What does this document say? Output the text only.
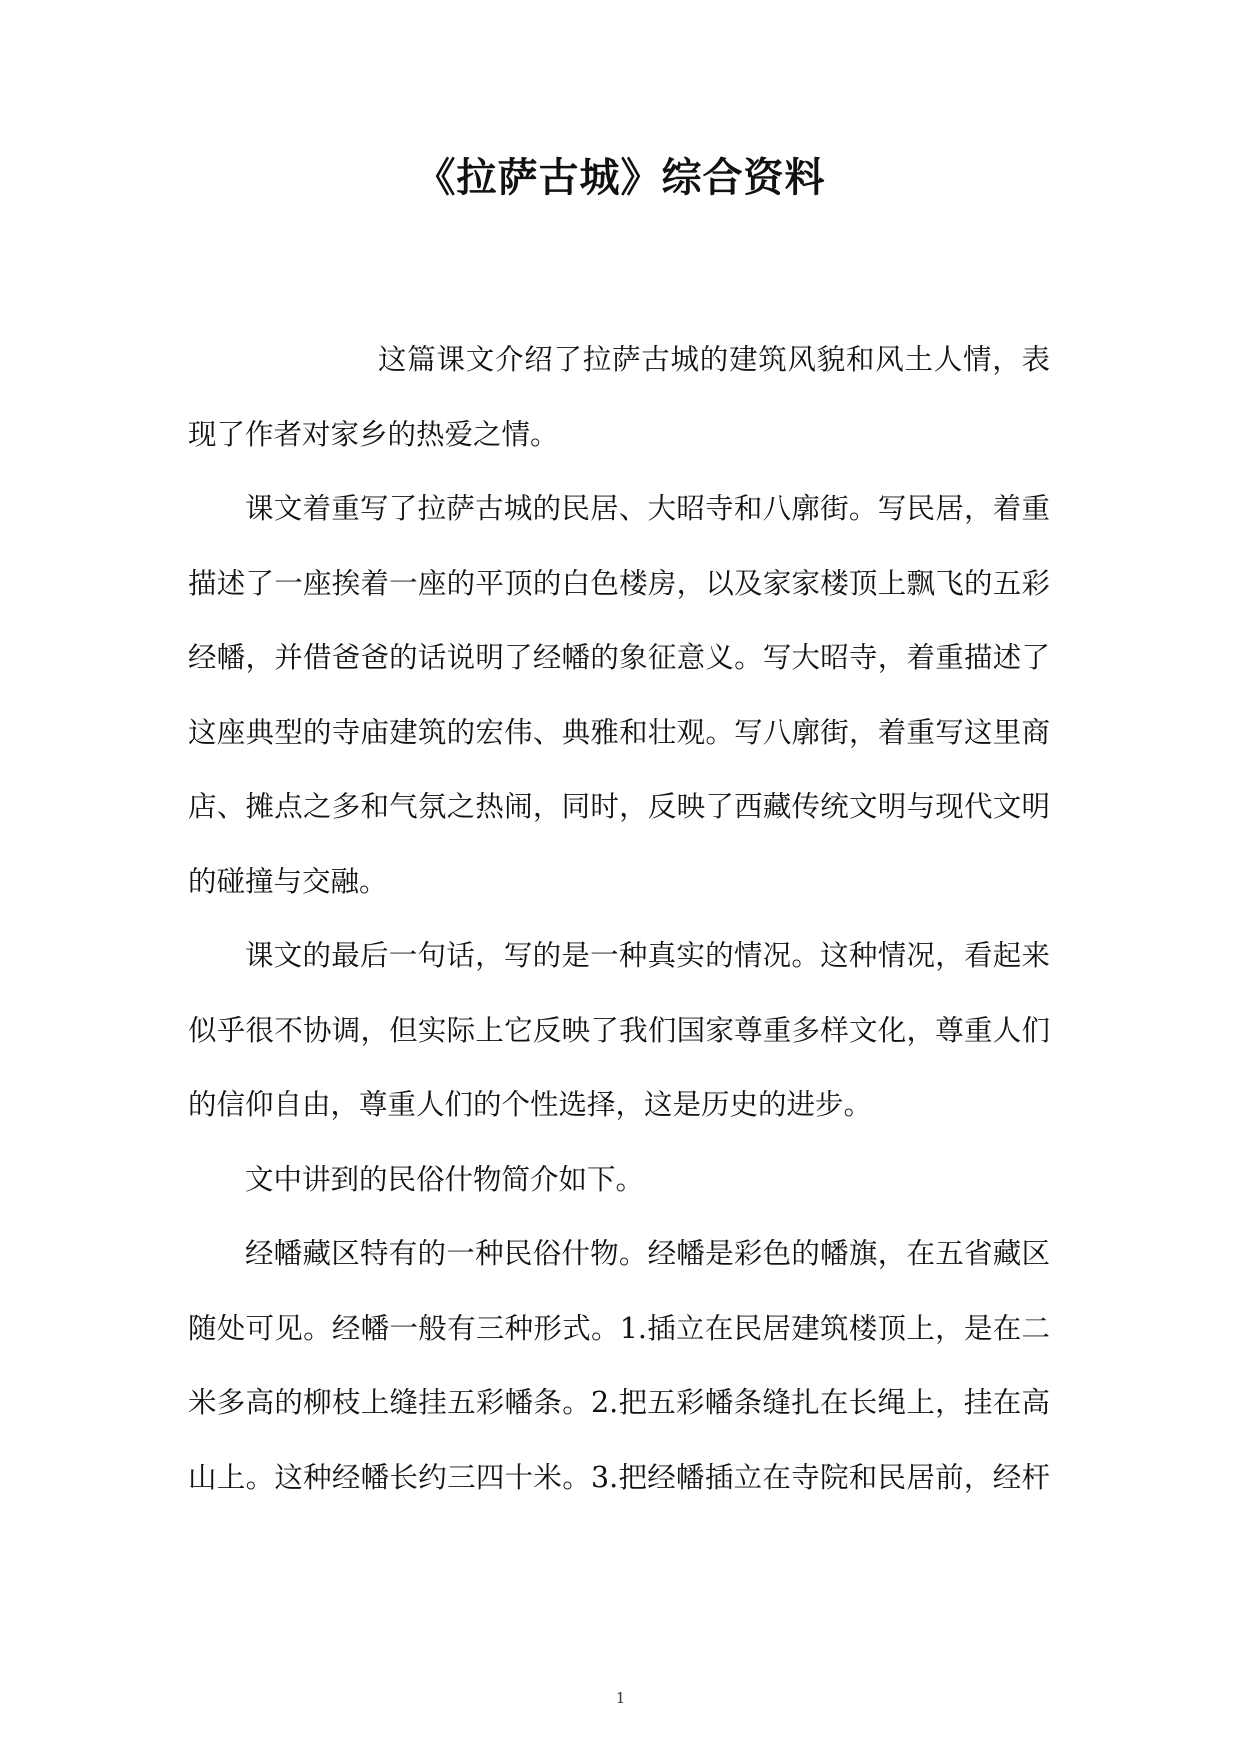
《拉萨古城》综合资料
这篇课文介绍了拉萨古城的建筑风貌和风土人情，表
现了作者对家乡的热爱之情。
课文着重写了拉萨古城的民居、大昭寺和八廓街。写民居，着重
描述了一座挨着一座的平顶的白色楼房，以及家家楼顶上飘飞的五彩
经幡，并借爸爸的话说明了经幡的象征意义。写大昭寺，着重描述了
这座典型的寺庙建筑的宏伟、典雅和壮观。写八廓街，着重写这里商
店、摊点之多和气氛之热闹，同时，反映了西藏传统文明与现代文明
的碰撞与交融。
课文的最后一句话，写的是一种真实的情况。这种情况，看起来
似乎很不协调，但实际上它反映了我们国家尊重多样文化，尊重人们
的信仰自由，尊重人们的个性选择，这是历史的进步。
文中讲到的民俗什物简介如下。
经幡藏区特有的一种民俗什物。经幡是彩色的幡旗，在五省藏区
随处可见。经幡一般有三种形式。1.插立在民居建筑楼顶上，是在二
米多高的柳枝上缝挂五彩幡条。2.把五彩幡条缝扎在长绳上，挂在高
山上。这种经幡长约三四十米。3.把经幡插立在寺院和民居前，经杆
1
